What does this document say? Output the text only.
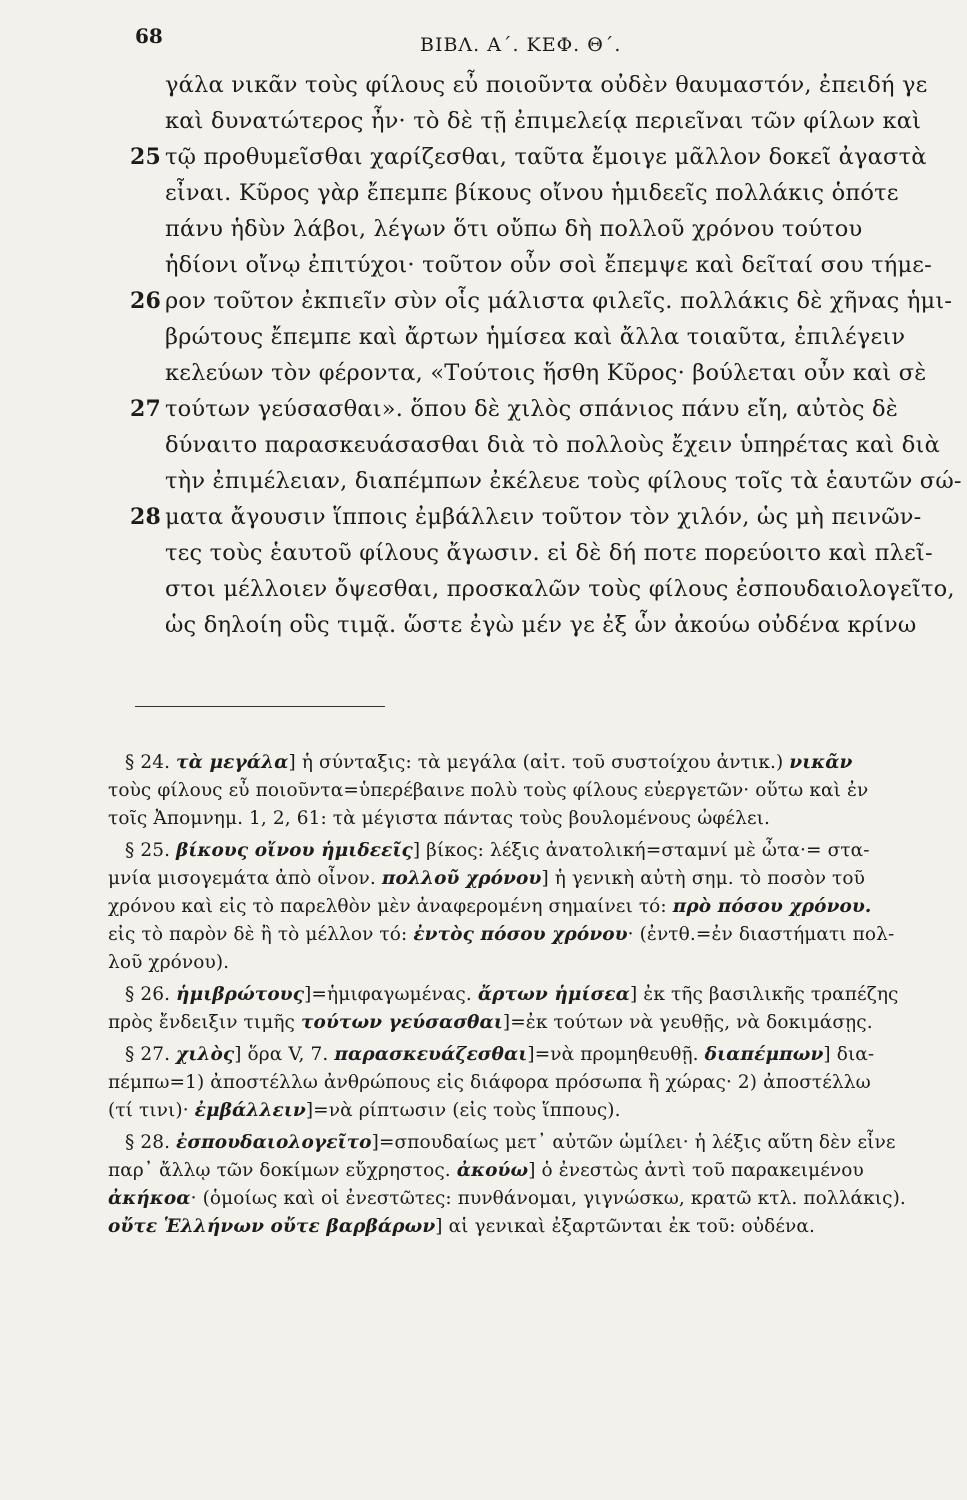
68	ΒΙΒΛ. Α΄. ΚΕΦ. Θ΄.
γάλα νικᾶν τοὺς φίλους εὖ ποιοῦντα οὐδὲν θαυμαστόν, ἐπειδή γε
καὶ δυνατώτερος ἦν· τὸ δὲ τῇ ἐπιμελείᾳ περιεῖναι τῶν φίλων καὶ
25 τῷ προθυμεῖσθαι χαρίζεσθαι, ταῦτα ἔμοιγε μᾶλλον δοκεῖ ἀγαστὰ
εἶναι. Κῦρος γὰρ ἔπεμπε βίκους οἴνου ἡμιδεεῖς πολλάκις ὁπότε
πάνυ ἡδὺν λάβοι, λέγων ὅτι οὔπω δὴ πολλοῦ χρόνου τούτου
ἡδίονι οἴνῳ ἐπιτύχοι· τοῦτον οὖν σοὶ ἔπεμψε καὶ δεῖταί σου τήμε-
26 ρον τοῦτον ἐκπιεῖν σὺν οἷς μάλιστα φιλεῖς. πολλάκις δὲ χῆνας ἡμι-
βρώτους ἔπεμπε καὶ ἄρτων ἡμίσεα καὶ ἄλλα τοιαῦτα, ἐπιλέγειν
κελεύων τὸν φέροντα, «Τούτοις ἥσθη Κῦρος· βούλεται οὖν καὶ σὲ
27 τούτων γεύσασθαι». ὅπου δὲ χιλὸς σπάνιος πάνυ εἴη, αὐτὸς δὲ
δύναιτο παρασκευάσασθαι διὰ τὸ πολλοὺς ἔχειν ὑπηρέτας καὶ διὰ
τὴν ἐπιμέλειαν, διαπέμπων ἐκέλευε τοὺς φίλους τοῖς τὰ ἑαυτῶν σώ-
28 ματα ἄγουσιν ἵπποις ἐμβάλλειν τοῦτον τὸν χιλόν, ὡς μὴ πεινῶν-
τες τοὺς ἑαυτοῦ φίλους ἄγωσιν. εἰ δὲ δή ποτε πορεύοιτο καὶ πλεῖ-
στοι μέλλοιεν ὄψεσθαι, προσκαλῶν τοὺς φίλους ἐσπουδαιολογεῖτο,
ὡς δηλοίη οὓς τιμᾷ. ὥστε ἐγὼ μέν γε ἐξ ὧν ἀκούω οὐδένα κρίνω
§ 24. τὰ μεγάλα] ἡ σύνταξις: τὰ μεγάλα (αἰτ. τοῦ συστοίχου ἀντικ.) νικᾶν
τοὺς φίλους εὖ ποιοῦντα=ὑπερέβαινε πολὺ τοὺς φίλους εὐεργετῶν· οὕτω καὶ ἐν
τοῖς Ἀπομνημ. 1, 2, 61: τὰ μέγιστα πάντας τοὺς βουλομένους ὠφέλει.
§ 25. βίκους οἴνου ἡμιδεεῖς] βίκος: λέξις ἀνατολική=σταμνί μὲ ὦτα·= στα-
μνία μισογεμάτα ἀπὸ οἶνον. πολλοῦ χρόνου] ἡ γενικὴ αὐτὴ σημ. τὸ ποσὸν τοῦ
χρόνου καὶ εἰς τὸ παρελθὸν μὲν ἀναφερομένη σημαίνει τό: πρὸ πόσου χρόνου.
εἰς τὸ παρὸν δὲ ἢ τὸ μέλλον τό: ἐντὸς πόσου χρόνου· (ἐντθ.=ἐν διαστήματι πολ-
λοῦ χρόνου).
§ 26. ἡμιβρώτους]=ἡμιφαγωμένας. ἄρτων ἡμίσεα] ἐκ τῆς βασιλικῆς τραπέζης
πρὸς ἔνδειξιν τιμῆς τούτων γεύσασθαι]=ἐκ τούτων νὰ γευθῇς, νὰ δοκιμάσῃς.
§ 27. χιλὸς] ὅρα V, 7. παρασκευάζεσθαι]=νὰ προμηθευθῇ. διαπέμπων] δια-
πέμπω=1) ἀποστέλλω ἀνθρώπους εἰς διάφορα πρόσωπα ἢ χώρας· 2) ἀποστέλλω
(τί τινι)· ἐμβάλλειν]=νὰ ρίπτωσιν (εἰς τοὺς ἵππους).
§ 28. ἐσπουδαιολογεῖτο]=σπουδαίως μετ᾽ αὐτῶν ὡμίλει· ἡ λέξις αὕτη δὲν εἶνε
παρ᾽ ἄλλῳ τῶν δοκίμων εὔχρηστος. ἀκούω] ὁ ἐνεστὼς ἀντὶ τοῦ παρακειμένου
ἀκήκοα· (ὁμοίως καὶ οἱ ἐνεστῶτες: πυνθάνομαι, γιγνώσκω, κρατῶ κτλ. πολλάκις).
οὔτε Ἑλλήνων οὔτε βαρβάρων] αἱ γενικαὶ ἐξαρτῶνται ἐκ τοῦ: οὐδένα.
